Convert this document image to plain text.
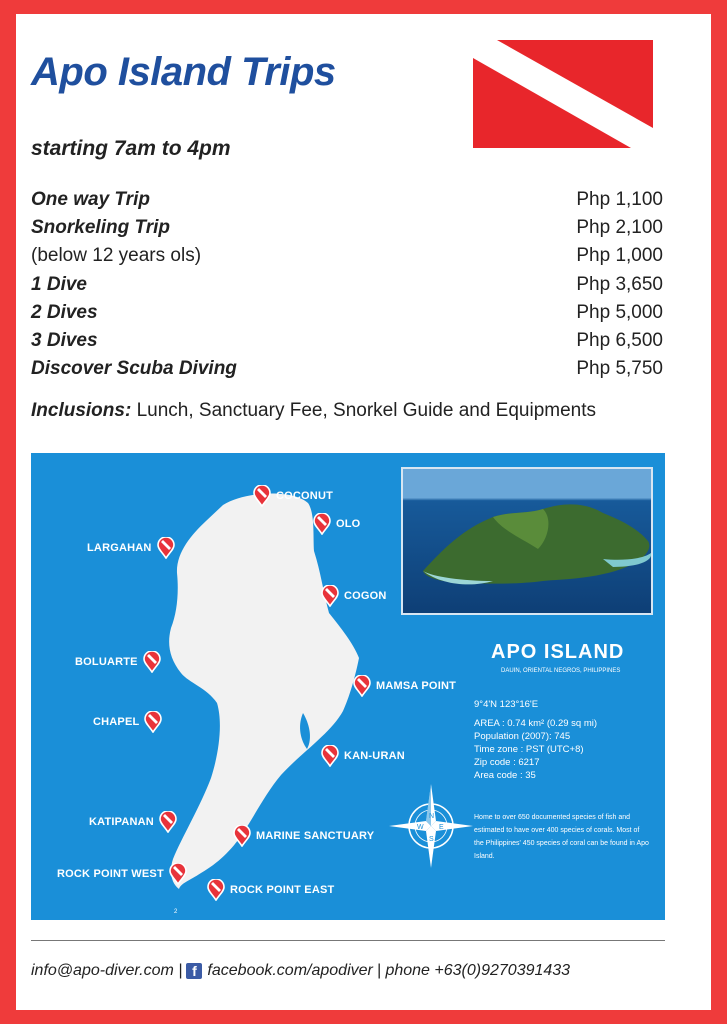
Apo Island Trips
starting 7am to 4pm
One way Trip	Php 1,100
Snorkeling Trip	Php 2,100
(below 12 years ols)	Php 1,000
1 Dive	Php 3,650
2 Dives	Php 5,000
3 Dives	Php 6,500
Discover Scuba Diving	Php 5,750
Inclusions: Lunch, Sanctuary Fee, Snorkel Guide and Equipments
2
APO ISLAND
DAUIN, ORIENTAL NEGROS, PHILIPPINES
9°4'N 123°16'E
AREA : 0.74 km² (0.29 sq mi)
Population (2007): 745
Time zone : PST (UTC+8)
Zip code : 6217
Area code : 35
Home to over 650 documented species of fish and estimated to have over 400 species of corals. Most of the Philippines' 450 species of coral can be found in Apo Island.
N
S
E
W
COCONUT
OLO
LARGAHAN
COGON
BOLUARTE
MAMSA POINT
CHAPEL
KAN-URAN
KATIPANAN
MARINE SANCTUARY
ROCK POINT WEST
ROCK POINT EAST
info@apo-diver.com | f facebook.com/apodiver | phone +63(0)9270391433
